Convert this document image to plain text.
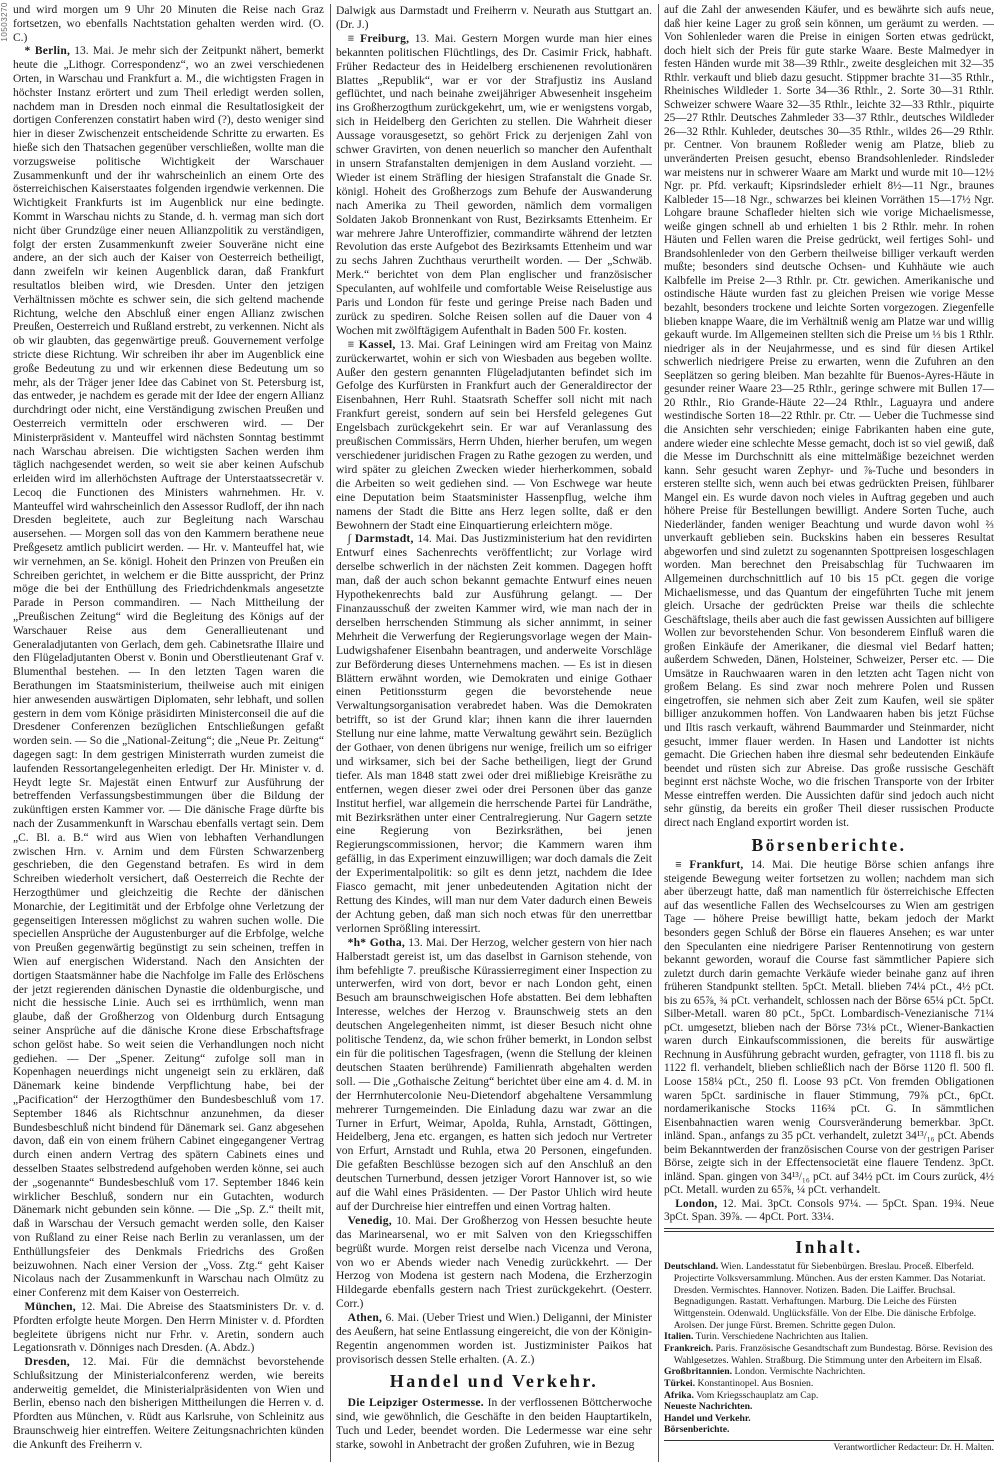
10503270 und wird morgen um 9 Uhr 20 Minuten die Reise nach Graz fortsetzen, wo ebenfalls Nachtstation gehalten werden wird. (O. C.)

* Berlin, 13. Mai. Je mehr sich der Zeitpunkt nähert, bemerkt heute die „Lithogr. Correspondenz“, wo an zwei verschiedenen Orten, in Warschau und Frankfurt a. M., die wichtigsten Fragen in höchster Instanz erörtert und zum Theil erledigt werden sollen, nachdem man in Dresden noch einmal die Resultatlosigkeit der dortigen Conferenzen constatirt haben wird (?), desto weniger sind hier in dieser Zwischenzeit entscheidende Schritte zu erwarten. Es hieße sich den Thatsachen gegenüber verschließen, wollte man die vorzugsweise politische Wichtigkeit der Warschauer Zusammenkunft und der ihr wahrscheinlich an einem Orte des österreichischen Kaiserstaates folgenden irgendwie verkennen. Die Wichtigkeit Frankfurts ist im Augenblick nur eine bedingte. Kommt in Warschau nichts zu Stande, d. h. vermag man sich dort nicht über Grundzüge einer neuen Allianzpolitik zu verständigen, folgt der ersten Zusammenkunft zweier Souveräne nicht eine andere, an der sich auch der Kaiser von Oesterreich betheiligt, dann zweifeln wir keinen Augenblick daran, daß Frankfurt resultatlos bleiben wird, wie Dresden. Unter den jetzigen Verhältnissen möchte es schwer sein, die sich geltend machende Richtung, welche den Abschluß einer engen Allianz zwischen Preußen, Oesterreich und Rußland erstrebt, zu verkennen. Nicht als ob wir glaubten, das gegenwärtige preuß. Gouvernement verfolge stricte diese Richtung. Wir schreiben ihr aber im Augenblick eine große Bedeutung zu und wir erkennen diese Bedeutung um so mehr, als der Träger jener Idee das Cabinet von St. Petersburg ist, das entweder, je nachdem es gerade mit der Idee der engern Allianz durchdringt oder nicht, eine Verständigung zwischen Preußen und Oesterreich vermitteln oder erschweren wird. — Der Ministerpräsident v. Manteuffel wird nächsten Sonntag bestimmt nach Warschau abreisen. Die wichtigsten Sachen werden ihm täglich nachgesendet werden, so weit sie aber keinen Aufschub erleiden wird im allerhöchsten Auftrage der Unterstaatssecretär v. Lecoq die Functionen des Ministers wahrnehmen. Hr. v. Manteuffel wird wahrscheinlich den Assessor Rudloff, der ihn nach Dresden begleitete, auch zur Begleitung nach Warschau ausersehen. — Morgen soll das von den Kammern berathene neue Preßgesetz amtlich publicirt werden. — Hr. v. Manteuffel hat, wie wir vernehmen, an Se. königl. Hoheit den Prinzen von Preußen ein Schreiben gerichtet, in welchem er die Bitte ausspricht, der Prinz möge die bei der Enthüllung des Friedrichdenkmals angesetzte Parade in Person commandiren. — Nach Mittheilung der „Preußischen Zeitung“ wird die Begleitung des Königs auf der Warschauer Reise aus dem Generallieutenant und Generaladjutanten von Gerlach, dem geh. Cabinetsrathe Illaire und den Flügeladjutanten Oberst v. Bonin und Oberstlieutenant Graf v. Blumenthal bestehen. — In den letzten Tagen waren die Berathungen im Staatsministerium, theilweise auch mit einigen hier anwesenden auswärtigen Diplomaten, sehr lebhaft, und sollen gestern in dem vom Könige präsidirten Ministerconseil die auf die Dresdener Conferenzen bezüglichen Entschließungen gefaßt worden sein. — So die „National-Zeitung“; die „Neue Pr. Zeitung“ dagegen sagt: In dem gestrigen Ministerrath wurden zumeist die laufenden Ressortangelegenheiten erledigt. Der Hr. Minister v. d. Heydt legte Sr. Majestät einen Entwurf zur Ausführung der betreffenden Verfassungsbestimmungen über die Bildung der zukünftigen ersten Kammer vor. — Die dänische Frage dürfte bis nach der Zusammenkunft in Warschau ebenfalls vertagt sein. Dem „C. Bl. a. B.“ wird aus Wien von lebhaften Verhandlungen zwischen Hrn. v. Arnim und dem Fürsten Schwarzenberg geschrieben, die den Gegenstand betrafen. Es wird in dem Schreiben wiederholt versichert, daß Oesterreich die Rechte der Herzogthümer und gleichzeitig die Rechte der dänischen Monarchie, der Legitimität und der Erbfolge ohne Verletzung der gegenseitigen Interessen möglichst zu wahren suchen wolle. Die speciellen Ansprüche der Augustenburger auf die Erbfolge, welche von Preußen gegenwärtig begünstigt zu sein scheinen, treffen in Wien auf energischen Widerstand. Nach den Ansichten der dortigen Staatsmänner habe die Nachfolge im Falle des Erlöschens der jetzt regierenden dänischen Dynastie die oldenburgische, und nicht die hessische Linie. Auch sei es irrthümlich, wenn man glaube, daß der Großherzog von Oldenburg durch Entsagung seiner Ansprüche auf die dänische Krone diese Erbschaftsfrage schon gelöst habe. So weit seien die Verhandlungen noch nicht gediehen. — Der „Spener. Zeitung“ zufolge soll man in Kopenhagen neuerdings nicht ungeneigt sein zu erklären, daß Dänemark keine bindende Verpflichtung habe, bei der „Pacification“ der Herzogthümer den Bundesbeschluß vom 17. September 1846 als Richtschnur anzunehmen, da dieser Bundesbeschluß nicht bindend für Dänemark sei. Ganz abgesehen davon, daß ein von einem frühern Cabinet eingegangener Vertrag durch einen andern Vertrag des spätern Cabinets eines und desselben Staates selbstredend aufgehoben werden könne, sei auch der „sogenannte“ Bundesbeschluß vom 17. September 1846 kein wirklicher Beschluß, sondern nur ein Gutachten, wodurch Dänemark nicht gebunden sein könne. — Die „Sp. Z.“ theilt mit, daß in Warschau der Versuch gemacht werden solle, den Kaiser von Rußland zu einer Reise nach Berlin zu veranlassen, um der Enthüllungsfeier des Denkmals Friedrichs des Großen beizuwohnen. Nach einer Version der „Voss. Ztg.“ geht Kaiser Nicolaus nach der Zusammenkunft in Warschau nach Olmütz zu einer Conferenz mit dem Kaiser von Oesterreich.

München, 12. Mai. Die Abreise des Staatsministers Dr. v. d. Pfordten erfolgte heute Morgen. Den Herrn Minister v. d. Pfordten begleitete übrigens nicht nur Frhr. v. Aretin, sondern auch Legationsrath v. Dönniges nach Dresden. (A. Abdz.)

Dresden, 12. Mai. Für die demnächst bevorstehende Schlußsitzung der Ministerialconferenz werden, wie bereits anderweitig gemeldet, die Ministerialpräsidenten von Wien und Berlin, ebenso nach den bisherigen Mittheilungen die Herren v. d. Pfordten aus München, v. Rüdt aus Karlsruhe, von Schleinitz aus Braunschweig hier eintreffen. Weitere Zeitungsnachrichten künden die Ankunft des Freiherrn v.

Dalwigk aus Darmstadt und Freiherrn v. Neurath aus Stuttgart an. (Dr. J.)

≡ Freiburg, 13. Mai. Gestern Morgen wurde man hier eines bekannten politischen Flüchtlings, des Dr. Casimir Frick, habhaft. Früher Redacteur des in Heidelberg erschienenen revolutionären Blattes „Republik“, war er vor der Strafjustiz ins Ausland geflüchtet, und nach beinahe zweijähriger Abwesenheit insgeheim ins Großherzogthum zurückgekehrt, um, wie er wenigstens vorgab, sich in Heidelberg den Gerichten zu stellen. Die Wahrheit dieser Aussage vorausgesetzt, so gehört Frick zu derjenigen Zahl von schwer Gravirten, von denen neuerlich so mancher den Aufenthalt in unsern Strafanstalten demjenigen in dem Ausland vorzieht. — Wieder ist einem Sträfling der hiesigen Strafanstalt die Gnade Sr. königl. Hoheit des Großherzogs zum Behufe der Auswanderung nach Amerika zu Theil geworden, nämlich dem vormaligen Soldaten Jakob Bronnenkant von Rust, Bezirksamts Ettenheim. Er war mehrere Jahre Unteroffizier, commandirte während der letzten Revolution das erste Aufgebot des Bezirksamts Ettenheim und war zu sechs Jahren Zuchthaus verurtheilt worden. — Der „Schwäb. Merk.“ berichtet von dem Plan englischer und französischer Speculanten, auf wohlfeile und comfortable Weise Reiselustige aus Paris und London für feste und geringe Preise nach Baden und zurück zu spediren. Solche Reisen sollen auf die Dauer von 4 Wochen mit zwölftägigem Aufenthalt in Baden 500 Fr. kosten.

≡ Kassel, 13. Mai. Graf Leiningen wird am Freitag von Mainz zurückerwartet, wohin er sich von Wiesbaden aus begeben wollte. Außer den gestern genannten Flügeladjutanten befindet sich im Gefolge des Kurfürsten in Frankfurt auch der Generaldirector der Eisenbahnen, Herr Ruhl. Staatsrath Scheffer soll nicht mit nach Frankfurt gereist, sondern auf sein bei Hersfeld gelegenes Gut Engelsbach zurückgekehrt sein. Er war auf Veranlassung des preußischen Commissärs, Herrn Uhden, hierher berufen, um wegen verschiedener juridischen Fragen zu Rathe gezogen zu werden, und wird später zu gleichen Zwecken wieder hierherkommen, sobald die Arbeiten so weit gediehen sind. — Von Eschwege war heute eine Deputation beim Staatsminister Hassenpflug, welche ihm namens der Stadt die Bitte ans Herz legen sollte, daß er den Bewohnern der Stadt eine Einquartierung erleichtern möge.

∫ Darmstadt, 14. Mai. Das Justizministerium hat den revidirten Entwurf eines Sachenrechts veröffentlicht; zur Vorlage wird derselbe schwerlich in der nächsten Zeit kommen. Dagegen hofft man, daß der auch schon bekannt gemachte Entwurf eines neuen Hypothekenrechts bald zur Ausführung gelangt. — Der Finanzausschuß der zweiten Kammer wird, wie man nach der in derselben herrschenden Stimmung als sicher annimmt, in seiner Mehrheit die Verwerfung der Regierungsvorlage wegen der Main-Ludwigshafener Eisenbahn beantragen, und anderweite Vorschläge zur Beförderung dieses Unternehmens machen. — Es ist in diesen Blättern erwähnt worden, wie Demokraten und einige Gothaer einen Petitionssturm gegen die bevorstehende neue Verwaltungsorganisation verabredet haben. Was die Demokraten betrifft, so ist der Grund klar; ihnen kann die ihrer lauernden Stellung nur eine lahme, matte Verwaltung gewährt sein. Bezüglich der Gothaer, von denen übrigens nur wenige, freilich um so eifriger und wirksamer, sich bei der Sache betheiligen, liegt der Grund tiefer. Als man 1848 statt zwei oder drei mißliebige Kreisräthe zu entfernen, wegen dieser zwei oder drei Personen über das ganze Institut herfiel, war allgemein die herrschende Partei für Landräthe, mit Bezirksräthen unter einer Centralregierung. Nur Gagern setzte eine Regierung von Bezirksräthen, bei jenen Regierungscommissionen, hervor; die Kammern waren ihm gefällig, in das Experiment einzuwilligen; war doch damals die Zeit der Experimentalpolitik: so gilt es denn jetzt, nachdem die Idee Fiasco gemacht, mit jener unbedeutenden Agitation nicht der Rettung des Kindes, will man nur dem Vater dadurch einen Beweis der Achtung geben, daß man sich noch etwas für den unerrettbar verlornen Sprößling interessirt.

*h* Gotha, 13. Mai. Der Herzog, welcher gestern von hier nach Halberstadt gereist ist, um das daselbst in Garnison stehende, von ihm befehligte 7. preußische Kürassierregiment einer Inspection zu unterwerfen, wird von dort, bevor er nach London geht, einen Besuch am braunschweigischen Hofe abstatten. Bei dem lebhaften Interesse, welches der Herzog v. Braunschweig stets an den deutschen Angelegenheiten nimmt, ist dieser Besuch nicht ohne politische Tendenz, da, wie schon früher bemerkt, in London selbst ein für die politischen Tagesfragen, (wenn die Stellung der kleinen deutschen Staaten berührende) Familienrath abgehalten werden soll. — Die „Gothaische Zeitung“ berichtet über eine am 4. d. M. in der Herrnhutercolonie Neu-Dietendorf abgehaltene Versammlung mehrerer Turngemeinden. Die Einladung dazu war zwar an die Turner in Erfurt, Weimar, Apolda, Ruhla, Arnstadt, Göttingen, Heidelberg, Jena etc. ergangen, es hatten sich jedoch nur Vertreter von Erfurt, Arnstadt und Ruhla, etwa 20 Personen, eingefunden. Die gefaßten Beschlüsse bezogen sich auf den Anschluß an den deutschen Turnerbund, dessen jetziger Vorort Hannover ist, so wie auf die Wahl eines Präsidenten. — Der Pastor Uhlich wird heute auf der Durchreise hier eintreffen und einen Vortrag halten.

Venedig, 10. Mai. Der Großherzog von Hessen besuchte heute das Marinearsenal, wo er mit Salven von den Kriegsschiffen begrüßt wurde. Morgen reist derselbe nach Vicenza und Verona, von wo er Abends wieder nach Venedig zurückkehrt. — Der Herzog von Modena ist gestern nach Modena, die Erzherzogin Hildegarde ebenfalls gestern nach Triest zurückgekehrt. (Oesterr. Corr.)

Athen, 6. Mai. (Ueber Triest und Wien.) Deliganni, der Minister des Aeußern, hat seine Entlassung eingereicht, die von der Königin-Regentin angenommen worden ist. Justizminister Paikos hat provisorisch dessen Stelle erhalten. (A. Z.)

Handel und Verkehr.

Die Leipziger Ostermesse. In der verflossenen Böttcherwoche sind, wie gewöhnlich, die Geschäfte in den beiden Hauptartikeln, Tuch und Leder, beendet worden. Die Ledermesse war eine sehr starke, sowohl in Anbetracht der großen Zufuhren, wie in Bezug

auf die Zahl der anwesenden Käufer, und es bewährte sich aufs neue, daß hier keine Lager zu groß sein können, um geräumt zu werden. — Von Sohlenleder waren die Preise in einigen Sorten etwas gedrückt, doch hielt sich der Preis für gute starke Waare. Beste Malmedyer in festen Händen wurde mit 38—39 Rthlr., zweite desgleichen mit 32—35 Rthlr. verkauft und blieb dazu gesucht. Stippmer brachte 31—35 Rthlr., Rheinisches Wildleder 1. Sorte 34—36 Rthlr., 2. Sorte 30—31 Rthlr. Schweizer schwere Waare 32—35 Rthlr., leichte 32—33 Rthlr., piquirte 25—27 Rthlr. Deutsches Zahmleder 33—37 Rthlr., deutsches Wildleder 26—32 Rthlr. Kuhleder, deutsches 30—35 Rthlr., wildes 26—29 Rthlr. pr. Centner. Von braunem Roßleder wenig am Platze, blieb zu unveränderten Preisen gesucht, ebenso Brandsohlenleder. Rindsleder war meistens nur in schwerer Waare am Markt und wurde mit 10—12½ Ngr. pr. Pfd. verkauft; Kipsrindsleder erhielt 8½—11 Ngr., braunes Kalbleder 15—18 Ngr., schwarzes bei kleinen Vorräthen 15—17½ Ngr. Lohgare braune Schafleder hielten sich wie vorige Michaelismesse, weiße gingen schnell ab und erhielten 1 bis 2 Rthlr. mehr. In rohen Häuten und Fellen waren die Preise gedrückt, weil fertiges Sohl- und Brandsohlenleder von den Gerbern theilweise billiger verkauft werden mußte; besonders sind deutsche Ochsen- und Kuhhäute wie auch Kalbfelle im Preise 2—3 Rthlr. pr. Ctr. gewichen. Amerikanische und ostindische Häute wurden fast zu gleichen Preisen wie vorige Messe bezahlt, besonders trockene und leichte Sorten vorgezogen. Ziegenfelle blieben knappe Waare, die im Verhältniß wenig am Platze war und willig gekauft wurde. Im Allgemeinen stellten sich die Preise um ⅓ bis 1 Rthlr. niedriger als in der Neujahrmesse, und es sind für diesen Artikel schwerlich niedrigere Preise zu erwarten, wenn die Zufuhren an den Seeplätzen so gering bleiben. Man bezahlte für Buenos-Ayres-Häute in gesunder reiner Waare 23—25 Rthlr., geringe schwere mit Bullen 17—20 Rthlr., Rio Grande-Häute 22—24 Rthlr., Laguayra und andere westindische Sorten 18—22 Rthlr. pr. Ctr. — Ueber die Tuchmesse sind die Ansichten sehr verschieden; einige Fabrikanten haben eine gute, andere wieder eine schlechte Messe gemacht, doch ist so viel gewiß, daß die Messe im Durchschnitt als eine mittelmäßige bezeichnet werden kann. Sehr gesucht waren Zephyr- und ⅞-Tuche und besonders in ersteren stellte sich, wenn auch bei etwas gedrückten Preisen, fühlbarer Mangel ein. Es wurde davon noch vieles in Auftrag gegeben und auch höhere Preise für Bestellungen bewilligt. Andere Sorten Tuche, auch Niederländer, fanden weniger Beachtung und wurde davon wohl ⅔ unverkauft geblieben sein. Buckskins haben ein besseres Resultat abgeworfen und sind zuletzt zu sogenannten Spottpreisen losgeschlagen worden. Man berechnet den Preisabschlag für Tuchwaaren im Allgemeinen durchschnittlich auf 10 bis 15 pCt. gegen die vorige Michaelismesse, und das Quantum der eingeführten Tuche mit jenem gleich. Ursache der gedrückten Preise war theils die schlechte Geschäftslage, theils aber auch die fast gewissen Aussichten auf billigere Wollen zur bevorstehenden Schur. Von besonderem Einfluß waren die großen Einkäufe der Amerikaner, die diesmal viel Bedarf hatten; außerdem Schweden, Dänen, Holsteiner, Schweizer, Perser etc. — Die Umsätze in Rauchwaaren waren in den letzten acht Tagen nicht von großem Belang. Es sind zwar noch mehrere Polen und Russen eingetroffen, sie nehmen sich aber Zeit zum Kaufen, weil sie später billiger anzukommen hoffen. Von Landwaaren haben bis jetzt Füchse und Iltis rasch verkauft, während Baummarder und Steinmarder, nicht gesucht, immer flauer werden. In Hasen und Landotter ist nichts gemacht. Die Griechen haben ihre diesmal sehr bedeutenden Einkäufe beendet und rüsten sich zur Abreise. Das große russische Geschäft beginnt erst nächste Woche, wo die frischen Transporte von der Irbiter Messe eintreffen werden. Die Aussichten dafür sind jedoch auch nicht sehr günstig, da bereits ein großer Theil dieser russischen Producte direct nach England exportirt worden ist.

Börsenberichte.

≡ Frankfurt, 14. Mai. Die heutige Börse schien anfangs ihre steigende Bewegung weiter fortsetzen zu wollen; nachdem man sich aber überzeugt hatte, daß man namentlich für österreichische Effecten auf das wesentliche Fallen des Wechselcourses zu Wien am gestrigen Tage — höhere Preise bewilligt hatte, bekam jedoch der Markt besonders gegen Schluß der Börse ein flaueres Ansehen; es war unter den Speculanten eine niedrigere Pariser Rentennotirung von gestern bekannt geworden, worauf die Course fast sämmtlicher Papiere sich zuletzt durch darin gemachte Verkäufe wieder beinahe ganz auf ihren früheren Standpunkt stellten. 5pCt. Metall. blieben 74¼ pCt., 4½ pCt. bis zu 65⅞, ¾ pCt. verhandelt, schlossen nach der Börse 65¼ pCt. 5pCt. Silber-Metall. waren 80 pCt., 5pCt. Lombardisch-Venezianische 71¼ pCt. umgesetzt, blieben nach der Börse 73⅛ pCt., Wiener-Bankactien waren durch Einkaufscommissionen, die bereits für auswärtige Rechnung in Ausführung gebracht wurden, gefragter, von 1118 fl. bis zu 1122 fl. verhandelt, blieben schließlich nach der Börse 1120 fl. 500 fl. Loose 158¼ pCt., 250 fl. Loose 93 pCt. Von fremden Obligationen waren 5pCt. sardinische in flauer Stimmung, 79⅞ pCt., 6pCt. nordamerikanische Stocks 116¾ pCt. G. In sämmtlichen Eisenbahnactien waren wenig Coursveränderung bemerkbar. 3pCt. inländ. Span., anfangs zu 35 pCt. verhandelt, zuletzt 34¹³/₁₆ pCt. Abends beim Bekanntwerden der französischen Course von der gestrigen Pariser Börse, zeigte sich in der Effectensocietät eine flauere Tendenz. 3pCt. inländ. Span. gingen von 34¹³/₁₆ pCt. auf 34½ pCt. im Cours zurück, 4½ pCt. Metall. wurden zu 65⅞, ¼ pCt. verhandelt.

London, 12. Mai. 3pCt. Consols 97¼. — 5pCt. Span. 19¾. Neue 3pCt. Span. 39⅞. — 4pCt. Port. 33¼.

Inhalt.

Deutschland. Wien. Landesstatut für Siebenbürgen. Breslau. Proceß. Elberfeld. Projectirte Volksversammlung. München. Aus der ersten Kammer. Das Notariat. Dresden. Vermischtes. Hannover. Notizen. Baden. Die Laiffer. Bruchsal. Begnadigungen. Rastatt. Verhaftungen. Marburg. Die Leiche des Fürsten Wittgenstein. Odenwald. Unglücksfälle. Von der Elbe. Die dänische Erbfolge. Arolsen. Der junge Fürst. Bremen. Schritte gegen Dulon.

Italien. Turin. Verschiedene Nachrichten aus Italien.

Frankreich. Paris. Französische Gesandtschaft zum Bundestag. Börse. Revision des Wahlgesetzes. Wahlen. Straßburg. Die Stimmung unter den Arbeitern im Elsaß.

Großbritannien. London. Vermischte Nachrichten.

Türkei. Konstantinopel. Aus Bosnien.

Afrika. Vom Kriegsschauplatz am Cap.

Neueste Nachrichten.

Handel und Verkehr.

Börsenberichte.

Verantwortlicher Redacteur: Dr. H. Malten.
